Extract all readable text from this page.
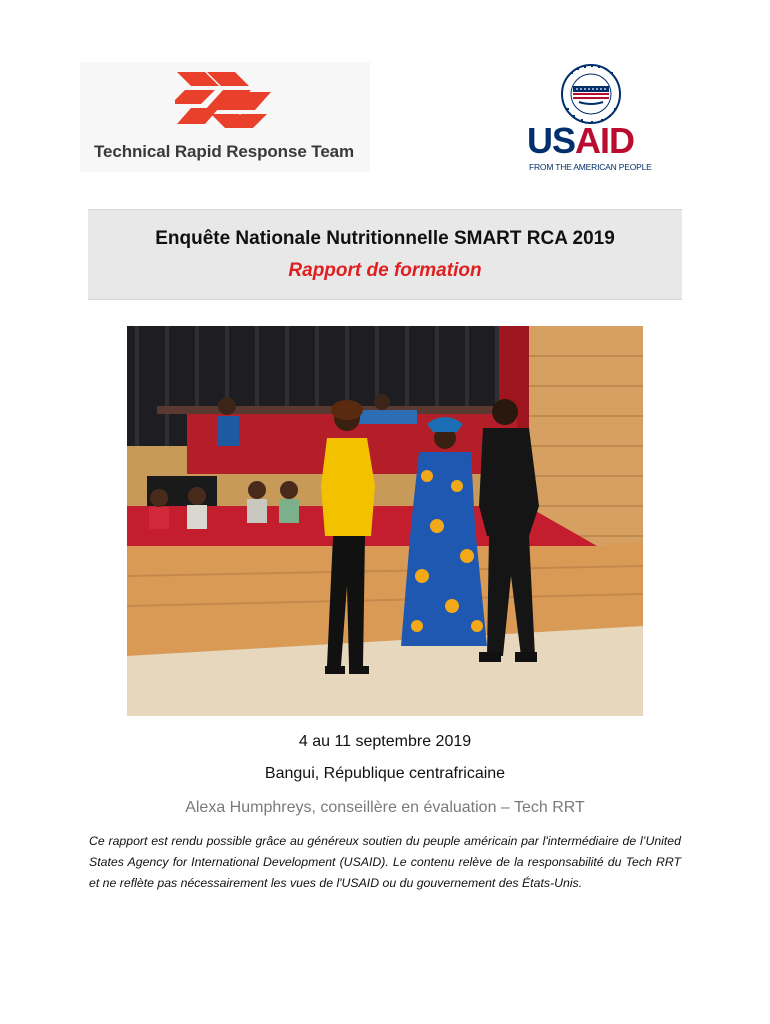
Technical Rapid Response Team	USAID
FROM THE AMERICAN PEOPLE
Enquête Nationale Nutritionnelle SMART RCA 2019
Rapport de formation
4 au 11 septembre 2019
Bangui, République centrafricaine
Alexa Humphreys, conseillère en évaluation – Tech RRT
Ce rapport est rendu possible grâce au généreux soutien du peuple américain par l'intermédiaire de l’United States Agency for International Development (USAID). Le contenu relève de la responsabilité du Tech RRT et ne reflète pas nécessairement les vues de l'USAID ou du gouvernement des États-Unis.
